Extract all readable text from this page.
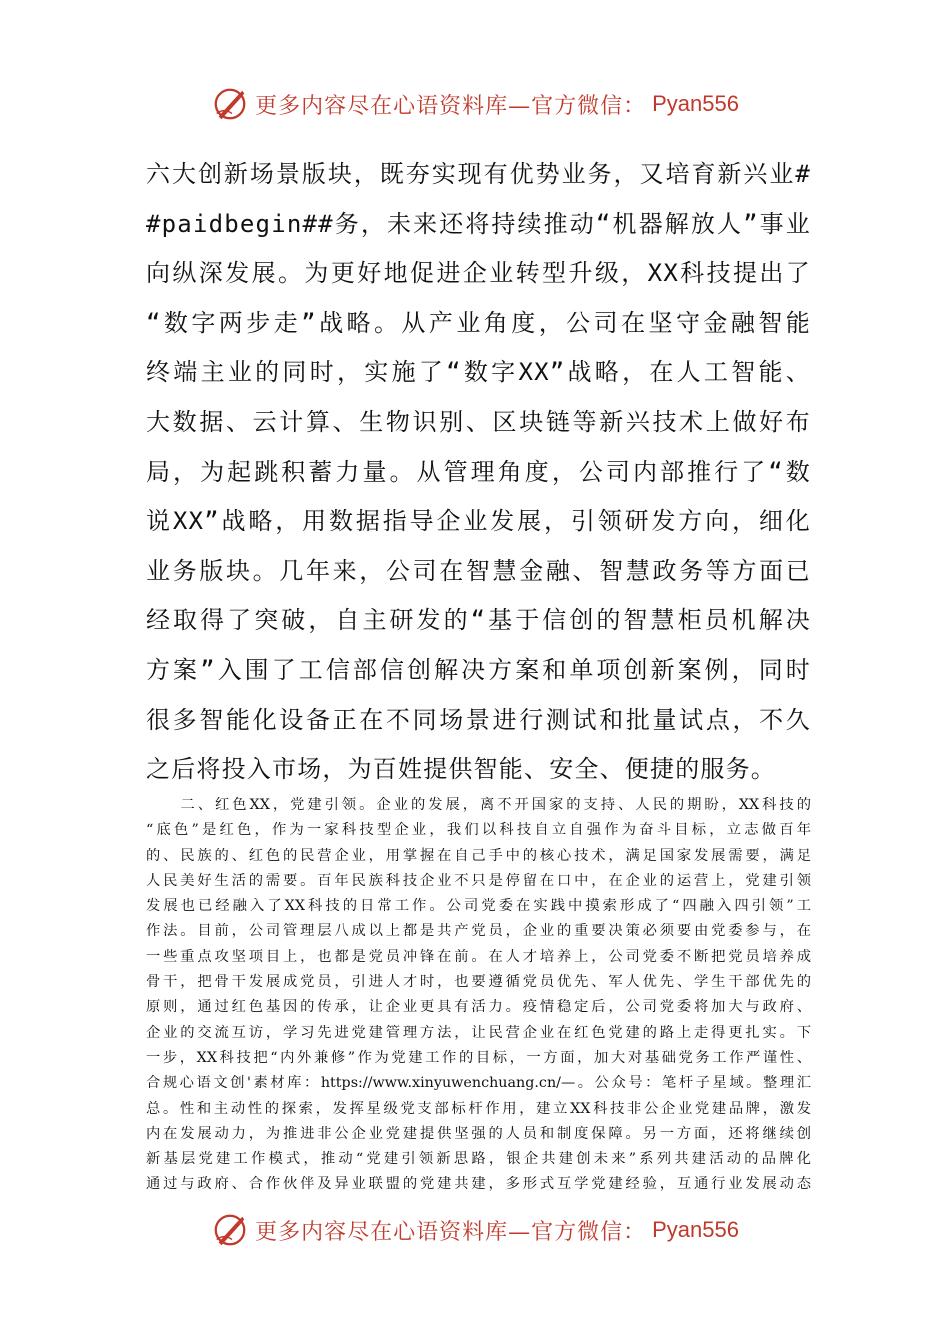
更多内容尽在心语资料库—官方微信： Pyan556
六大创新场景版块，既夯实现有优势业务，又培育新兴业#
#paidbegin##务，未来还将持续推动“机器解放人”事业
向纵深发展。为更好地促进企业转型升级，XX科技提出了
“数字两步走”战略。从产业角度，公司在坚守金融智能
终端主业的同时，实施了“数字XX”战略，在人工智能、
大数据、云计算、生物识别、区块链等新兴技术上做好布
局，为起跳积蓄力量。从管理角度，公司内部推行了“数
说XX”战略，用数据指导企业发展，引领研发方向，细化
业务版块。几年来，公司在智慧金融、智慧政务等方面已
经取得了突破，自主研发的“基于信创的智慧柜员机解决
方案”入围了工信部信创解决方案和单项创新案例，同时
很多智能化设备正在不同场景进行测试和批量试点，不久
之后将投入市场，为百姓提供智能、安全、便捷的服务。
　　二、红色XX，党建引领。企业的发展，离不开国家的支持、人民的期盼，XX科技的
“底色”是红色，作为一家科技型企业，我们以科技自立自强作为奋斗目标，立志做百年
的、民族的、红色的民营企业，用掌握在自己手中的核心技术，满足国家发展需要，满足
人民美好生活的需要。百年民族科技企业不只是停留在口中，在企业的运营上，党建引领
发展也已经融入了XX科技的日常工作。公司党委在实践中摸索形成了“四融入四引领”工
作法。目前，公司管理层八成以上都是共产党员，企业的重要决策必须要由党委参与，在
一些重点攻坚项目上，也都是党员冲锋在前。在人才培养上，公司党委不断把党员培养成
骨干，把骨干发展成党员，引进人才时，也要遵循党员优先、军人优先、学生干部优先的
原则，通过红色基因的传承，让企业更具有活力。疫情稳定后，公司党委将加大与政府、
企业的交流互访，学习先进党建管理方法，让民营企业在红色党建的路上走得更扎实。下
一步，XX科技把“内外兼修”作为党建工作的目标，一方面，加大对基础党务工作严谨性、
合规心语文创'素材库：https://www.xinyuwenchuang.cn/—。公众号：笔杆子星域。整理汇
总。性和主动性的探索，发挥星级党支部标杆作用，建立XX科技非公企业党建品牌，激发
内在发展动力，为推进非公企业党建提供坚强的人员和制度保障。另一方面，还将继续创
新基层党建工作模式，推动“党建引领新思路，银企共建创未来”系列共建活动的品牌化
通过与政府、合作伙伴及异业联盟的党建共建，多形式互学党建经验，互通行业发展动态
更多内容尽在心语资料库—官方微信： Pyan556
